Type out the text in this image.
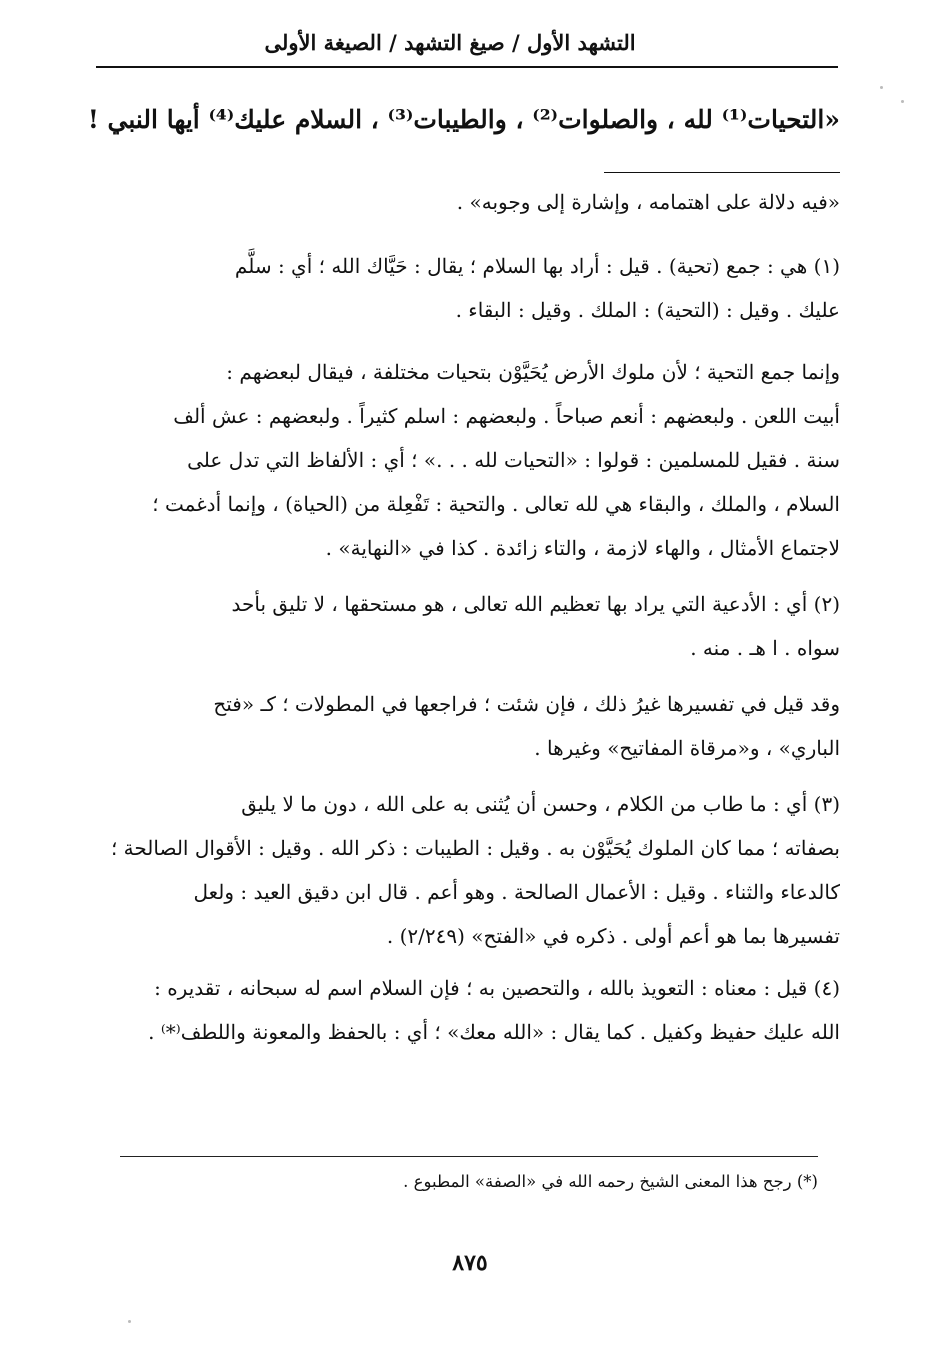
التشهد الأول / صيغ التشهد / الصيغة الأولى
«التحيات⁽¹⁾ لله ، والصلوات⁽²⁾ ، والطيبات⁽³⁾ ، السلام عليك⁽⁴⁾ أيها النبي !
«فيه دلالة على اهتمامه ، وإشارة إلى وجوبه» .
(١) هي : جمع (تحية) . قيل : أراد بها السلام ؛ يقال : حَيَّاك الله ؛ أي : سلَّم
عليك . وقيل : (التحية) : الملك . وقيل : البقاء .
وإنما جمع التحية ؛ لأن ملوك الأرض يُحَيَّوْن بتحيات مختلفة ، فيقال لبعضهم :
أبيت اللعن . ولبعضهم : أنعم صباحاً . ولبعضهم : اسلم كثيراً . ولبعضهم : عش ألف
سنة . فقيل للمسلمين : قولوا : «التحيات لله . . .» ؛ أي : الألفاظ التي تدل على
السلام ، والملك ، والبقاء هي لله تعالى . والتحية : تَفْعِلة من (الحياة) ، وإنما أدغمت ؛
لاجتماع الأمثال ، والهاء لازمة ، والتاء زائدة . كذا في «النهاية» .
(٢) أي : الأدعية التي يراد بها تعظيم الله تعالى ، هو مستحقها ، لا تليق بأحد
سواه . ا هـ . منه .
وقد قيل في تفسيرها غيرُ ذلك ، فإن شئت ؛ فراجعها في المطولات ؛ كـ «فتح
الباري» ، و«مرقاة المفاتيح» وغيرها .
(٣) أي : ما طاب من الكلام ، وحسن أن يُثنى به على الله ، دون ما لا يليق
بصفاته ؛ مما كان الملوك يُحَيَّوْن به . وقيل : الطيبات : ذكر الله . وقيل : الأقوال الصالحة ؛
كالدعاء والثناء . وقيل : الأعمال الصالحة . وهو أعم . قال ابن دقيق العيد : ولعل
تفسيرها بما هو أعم أولى . ذكره في «الفتح» (٢/٢٤٩) .
(٤) قيل : معناه : التعويذ بالله ، والتحصين به ؛ فإن السلام اسم له سبحانه ، تقديره :
الله عليك حفيظ وكفيل . كما يقال : «الله معك» ؛ أي : بالحفظ والمعونة واللطف⁽*⁾ .
(*) رجح هذا المعنى الشيخ رحمه الله في «الصفة» المطبوع .
٨٧٥
